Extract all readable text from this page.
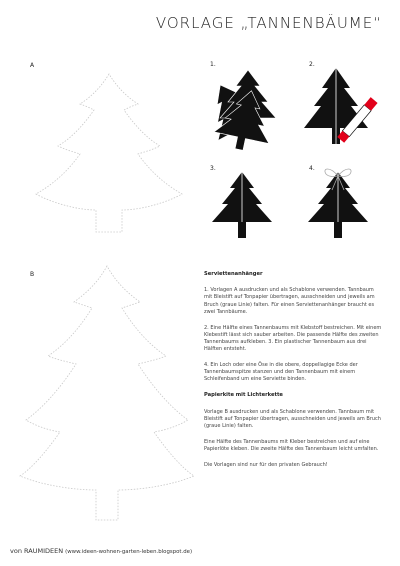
VORLAGE „TANNENBÄUME“
A
B
1.	2.
3.	4.
Serviettenanhänger

1. Vorlagen A ausdrucken und als Schablone verwenden. Tannbaum mit Bleistift auf Tonpapier übertragen, ausschneiden und jeweils am Bruch (graue Linie) falten. Für einen Serviettenanhänger braucht es zwei Tannbäume.

2. Eine Hälfte eines Tannenbaums mit Klebstoff bestreichen. Mit einem Klebestift lässt sich sauber arbeiten. Die passende Hälfte des zweiten Tannenbaums aufkleben. 3. Ein plastischer Tannenbaum aus drei Hälften entsteht.

4. Ein Loch oder eine Öse in die obere, doppellagige Ecke der Tannenbaumspitze stanzen und den Tannenbaum mit einem Schleifenband um eine Serviette binden.

Papierkite mit Lichterkette

Vorlage B ausdrucken und als Schablone verwenden. Tannbaum mit Bleistift auf Tonpapier übertragen, ausschneiden und jeweils am Bruch (graue Linie) falten.

Eine Hälfte des Tannenbaums mit Kleber bestreichen und auf eine Papierlöte kleben. Die zweite Hälfte des Tannenbaum leicht umfalten.

Die Vorlagen sind nur für den privaten Gebrauch!

von RAUMIDEEN (www.ideen-wohnen-garten-leben.blogspot.de)
